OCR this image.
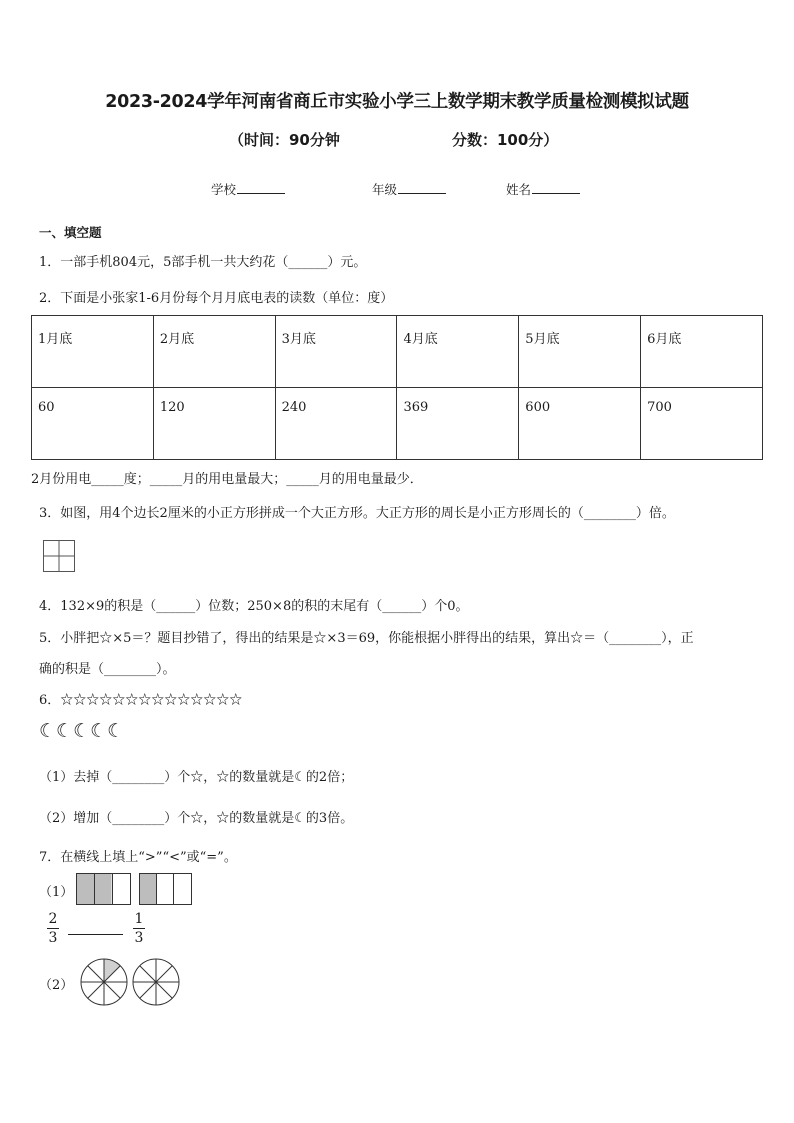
2023-2024学年河南省商丘市实验小学三上数学期末教学质量检测模拟试题
（时间：90分钟	分数：100分）
学校	年级	姓名
一、填空题
1．一部手机804元，5部手机一共大约花（______）元。
2．下面是小张家1-6月份每个月月底电表的读数（单位：度）
1月底	2月底	3月底	4月底	5月底	6月底
60	120	240	369	600	700
2月份用电_____度；_____月的用电量最大；_____月的用电量最少．
3．如图，用4个边长2厘米的小正方形拼成一个大正方形。大正方形的周长是小正方形周长的（________）倍。
4．132×9的积是（______）位数；250×8的积的末尾有（______）个0。
5．小胖把☆×5＝？题目抄错了，得出的结果是☆×3＝69，你能根据小胖得出的结果，算出☆＝（________），正
确的积是（________）。
6．☆☆☆☆☆☆☆☆☆☆☆☆☆☆
☾☾☾☾☾
（1）去掉（________）个☆，☆的数量就是☾的2倍；
（2）增加（________）个☆，☆的数量就是☾的3倍。
7．在横线上填上“>”“<”或“=”。
（1）
2
3
1
3
（2）
